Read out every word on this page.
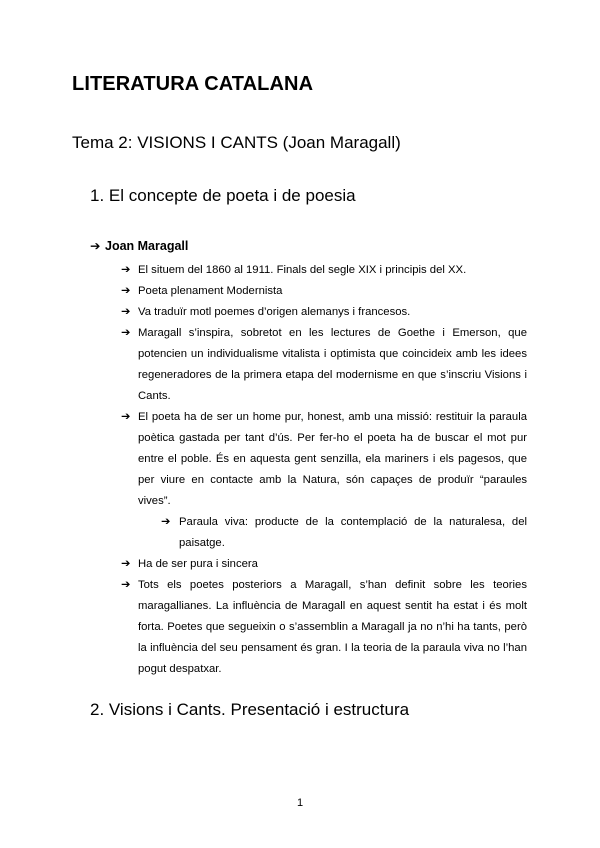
LITERATURA CATALANA
Tema 2: VISIONS I CANTS (Joan Maragall)
1. El concepte de poeta i de poesia
➔ Joan Maragall
➔ El situem del 1860 al 1911. Finals del segle XIX i principis del XX.
➔ Poeta plenament Modernista
➔ Va traduïr motl poemes d’origen alemanys i francesos.
➔ Maragall s’inspira, sobretot en les lectures de Goethe i Emerson, que potencien un individualisme vitalista i optimista que coincideix amb les idees regeneradores de la primera etapa del modernisme en que s’inscriu Visions i Cants.
➔ El poeta ha de ser un home pur, honest, amb una missió: restituir la paraula poètica gastada per tant d’ús. Per fer-ho el poeta ha de buscar el mot pur entre el poble. És en aquesta gent senzilla, ela mariners i els pagesos, que per viure en contacte amb la Natura, són capaçes de produïr “paraules vives”.
➔ Paraula viva: producte de la contemplació de la naturalesa, del paisatge.
➔ Ha de ser pura i sincera
➔ Tots els poetes posteriors a Maragall, s’han definit sobre les teories maragallianes. La influència de Maragall en aquest sentit ha estat i és molt forta. Poetes que segueixin o s’assemblin a Maragall ja no n’hi ha tants, però la influència del seu pensament és gran. I la teoria de la paraula viva no l’han pogut despatxar.
2. Visions i Cants. Presentació i estructura
1
